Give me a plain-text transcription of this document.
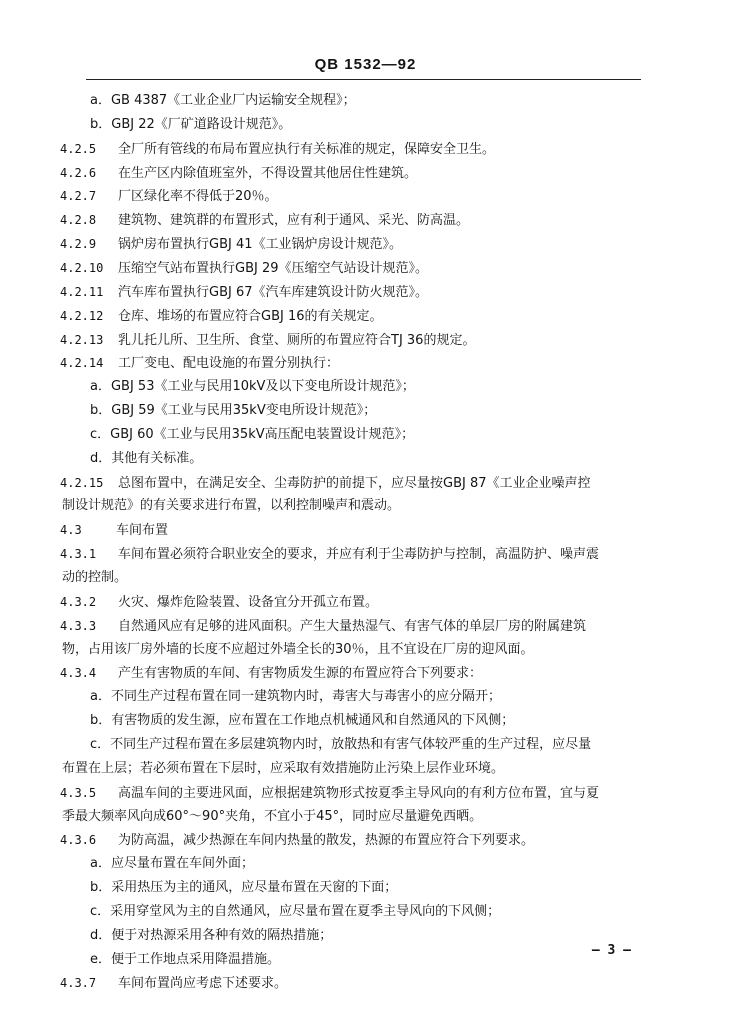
QB 1532—92
a．GB 4387《工业企业厂内运输安全规程》；
b．GBJ 22《厂矿道路设计规范》。
4.2.5 全厂所有管线的布局布置应执行有关标准的规定，保障安全卫生。
4.2.6 在生产区内除值班室外，不得设置其他居住性建筑。
4.2.7 厂区绿化率不得低于20％。
4.2.8 建筑物、建筑群的布置形式，应有利于通风、采光、防高温。
4.2.9 锅炉房布置执行GBJ 41《工业锅炉房设计规范》。
4.2.10 压缩空气站布置执行GBJ 29《压缩空气站设计规范》。
4.2.11 汽车库布置执行GBJ 67《汽车库建筑设计防火规范》。
4.2.12 仓库、堆场的布置应符合GBJ 16的有关规定。
4.2.13 乳儿托儿所、卫生所、食堂、厕所的布置应符合TJ 36的规定。
4.2.14 工厂变电、配电设施的布置分别执行：
a．GBJ 53《工业与民用10kV及以下变电所设计规范》；
b．GBJ 59《工业与民用35kV变电所设计规范》；
c．GBJ 60《工业与民用35kV高压配电装置设计规范》；
d．其他有关标准。
4.2.15 总图布置中，在满足安全、尘毒防护的前提下，应尽量按GBJ 87《工业企业噪声控
制设计规范》的有关要求进行布置，以利控制噪声和震动。
4.3	车间布置
4.3.1 车间布置必须符合职业安全的要求，并应有利于尘毒防护与控制，高温防护、噪声震
动的控制。
4.3.2 火灾、爆炸危险装置、设备宜分开孤立布置。
4.3.3 自然通风应有足够的进风面积。产生大量热湿气、有害气体的单层厂房的附属建筑
物，占用该厂房外墙的长度不应超过外墙全长的30％，且不宜设在厂房的迎风面。
4.3.4 产生有害物质的车间、有害物质发生源的布置应符合下列要求：
a．不同生产过程布置在同一建筑物内时，毒害大与毒害小的应分隔开；
b．有害物质的发生源，应布置在工作地点机械通风和自然通风的下风侧；
c．不同生产过程布置在多层建筑物内时，放散热和有害气体较严重的生产过程，应尽量
布置在上层；若必须布置在下层时，应采取有效措施防止污染上层作业环境。
4.3.5 高温车间的主要进风面，应根据建筑物形式按夏季主导风向的有利方位布置，宜与夏
季最大频率风向成60°～90°夹角，不宜小于45°，同时应尽量避免西晒。
4.3.6 为防高温，减少热源在车间内热量的散发，热源的布置应符合下列要求。
a．应尽量布置在车间外面；
b．采用热压为主的通风，应尽量布置在天窗的下面；
c．采用穿堂风为主的自然通风，应尽量布置在夏季主导风向的下风侧；
d．便于对热源采用各种有效的隔热措施；
e．便于工作地点采用降温措施。
4.3.7 车间布置尚应考虑下述要求。
— 3 —
